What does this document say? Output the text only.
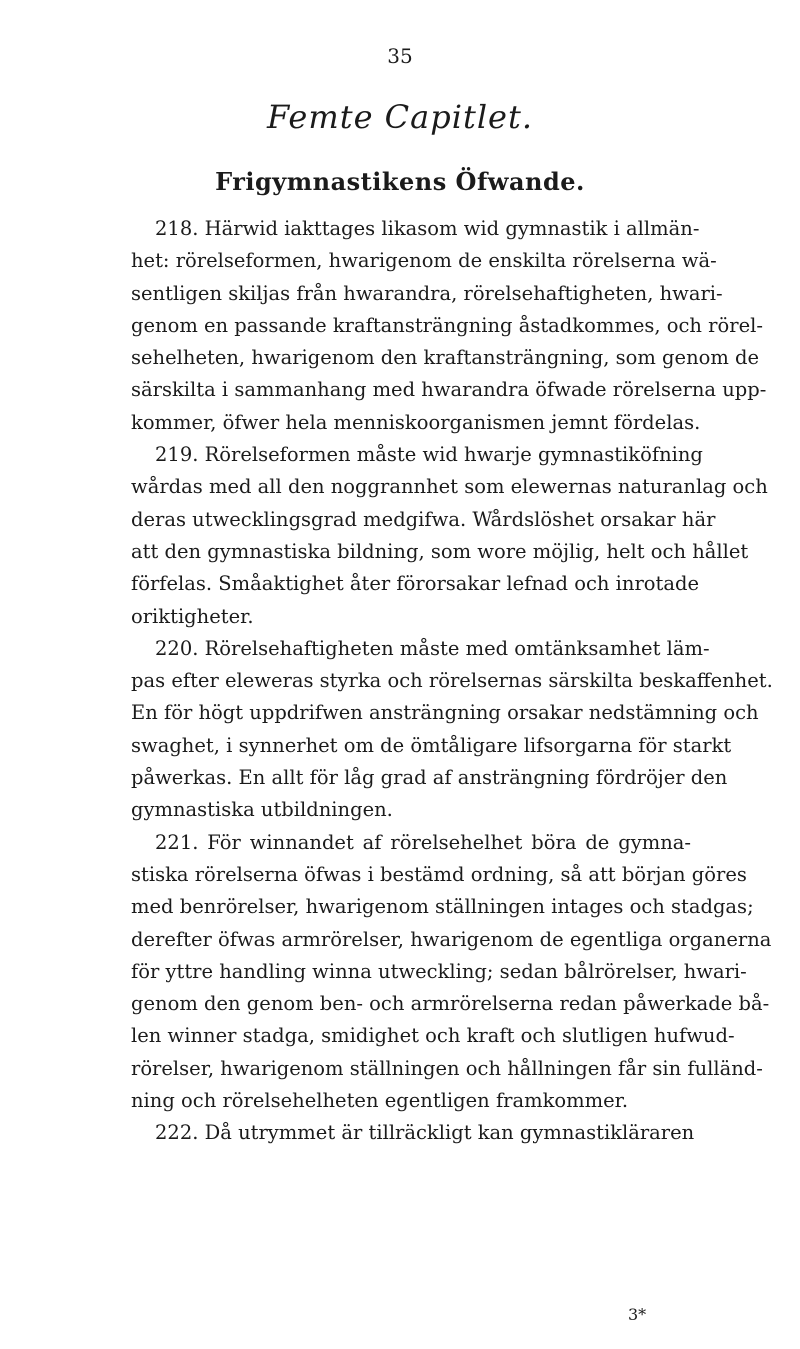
35
Femte Capitlet.
Frigymnastikens Öfwande.
218. Härwid iakttages likasom wid gymnastik i allmän-
het: rörelseformen, hwarigenom de enskilta rörelserna wä-
sentligen skiljas från hwarandra, rörelsehaftigheten, hwari-
genom en passande kraftansträngning åstadkommes, och rörel-
sehelheten, hwarigenom den kraftansträngning, som genom de
särskilta i sammanhang med hwarandra öfwade rörelserna upp-
kommer, öfwer hela menniskoorganismen jemnt fördelas.
219. Rörelseformen måste wid hwarje gymnastiköfning
wårdas med all den noggrannhet som elewernas naturanlag och
deras utwecklingsgrad medgifwa. Wårdslöshet orsakar här
att den gymnastiska bildning, som wore möjlig, helt och hållet
förfelas. Småaktighet åter förorsakar lefnad och inrotade
oriktigheter.
220. Rörelsehaftigheten måste med omtänksamhet läm-
pas efter eleweras styrka och rörelsernas särskilta beskaffenhet.
En för högt uppdrifwen ansträngning orsakar nedstämning och
swaghet, i synnerhet om de ömtåligare lifsorgarna för starkt
påwerkas. En allt för låg grad af ansträngning fördröjer den
gymnastiska utbildningen.
221. För winnandet af rörelsehelhet böra de gymna-
stiska rörelserna öfwas i bestämd ordning, så att början göres
med benrörelser, hwarigenom ställningen intages och stadgas;
derefter öfwas armrörelser, hwarigenom de egentliga organerna
för yttre handling winna utweckling; sedan bålrörelser, hwari-
genom den genom ben- och armrörelserna redan påwerkade bå-
len winner stadga, smidighet och kraft och slutligen hufwud-
rörelser, hwarigenom ställningen och hållningen får sin fulländ-
ning och rörelsehelheten egentligen framkommer.
222. Då utrymmet är tillräckligt kan gymnastikläraren
3*
